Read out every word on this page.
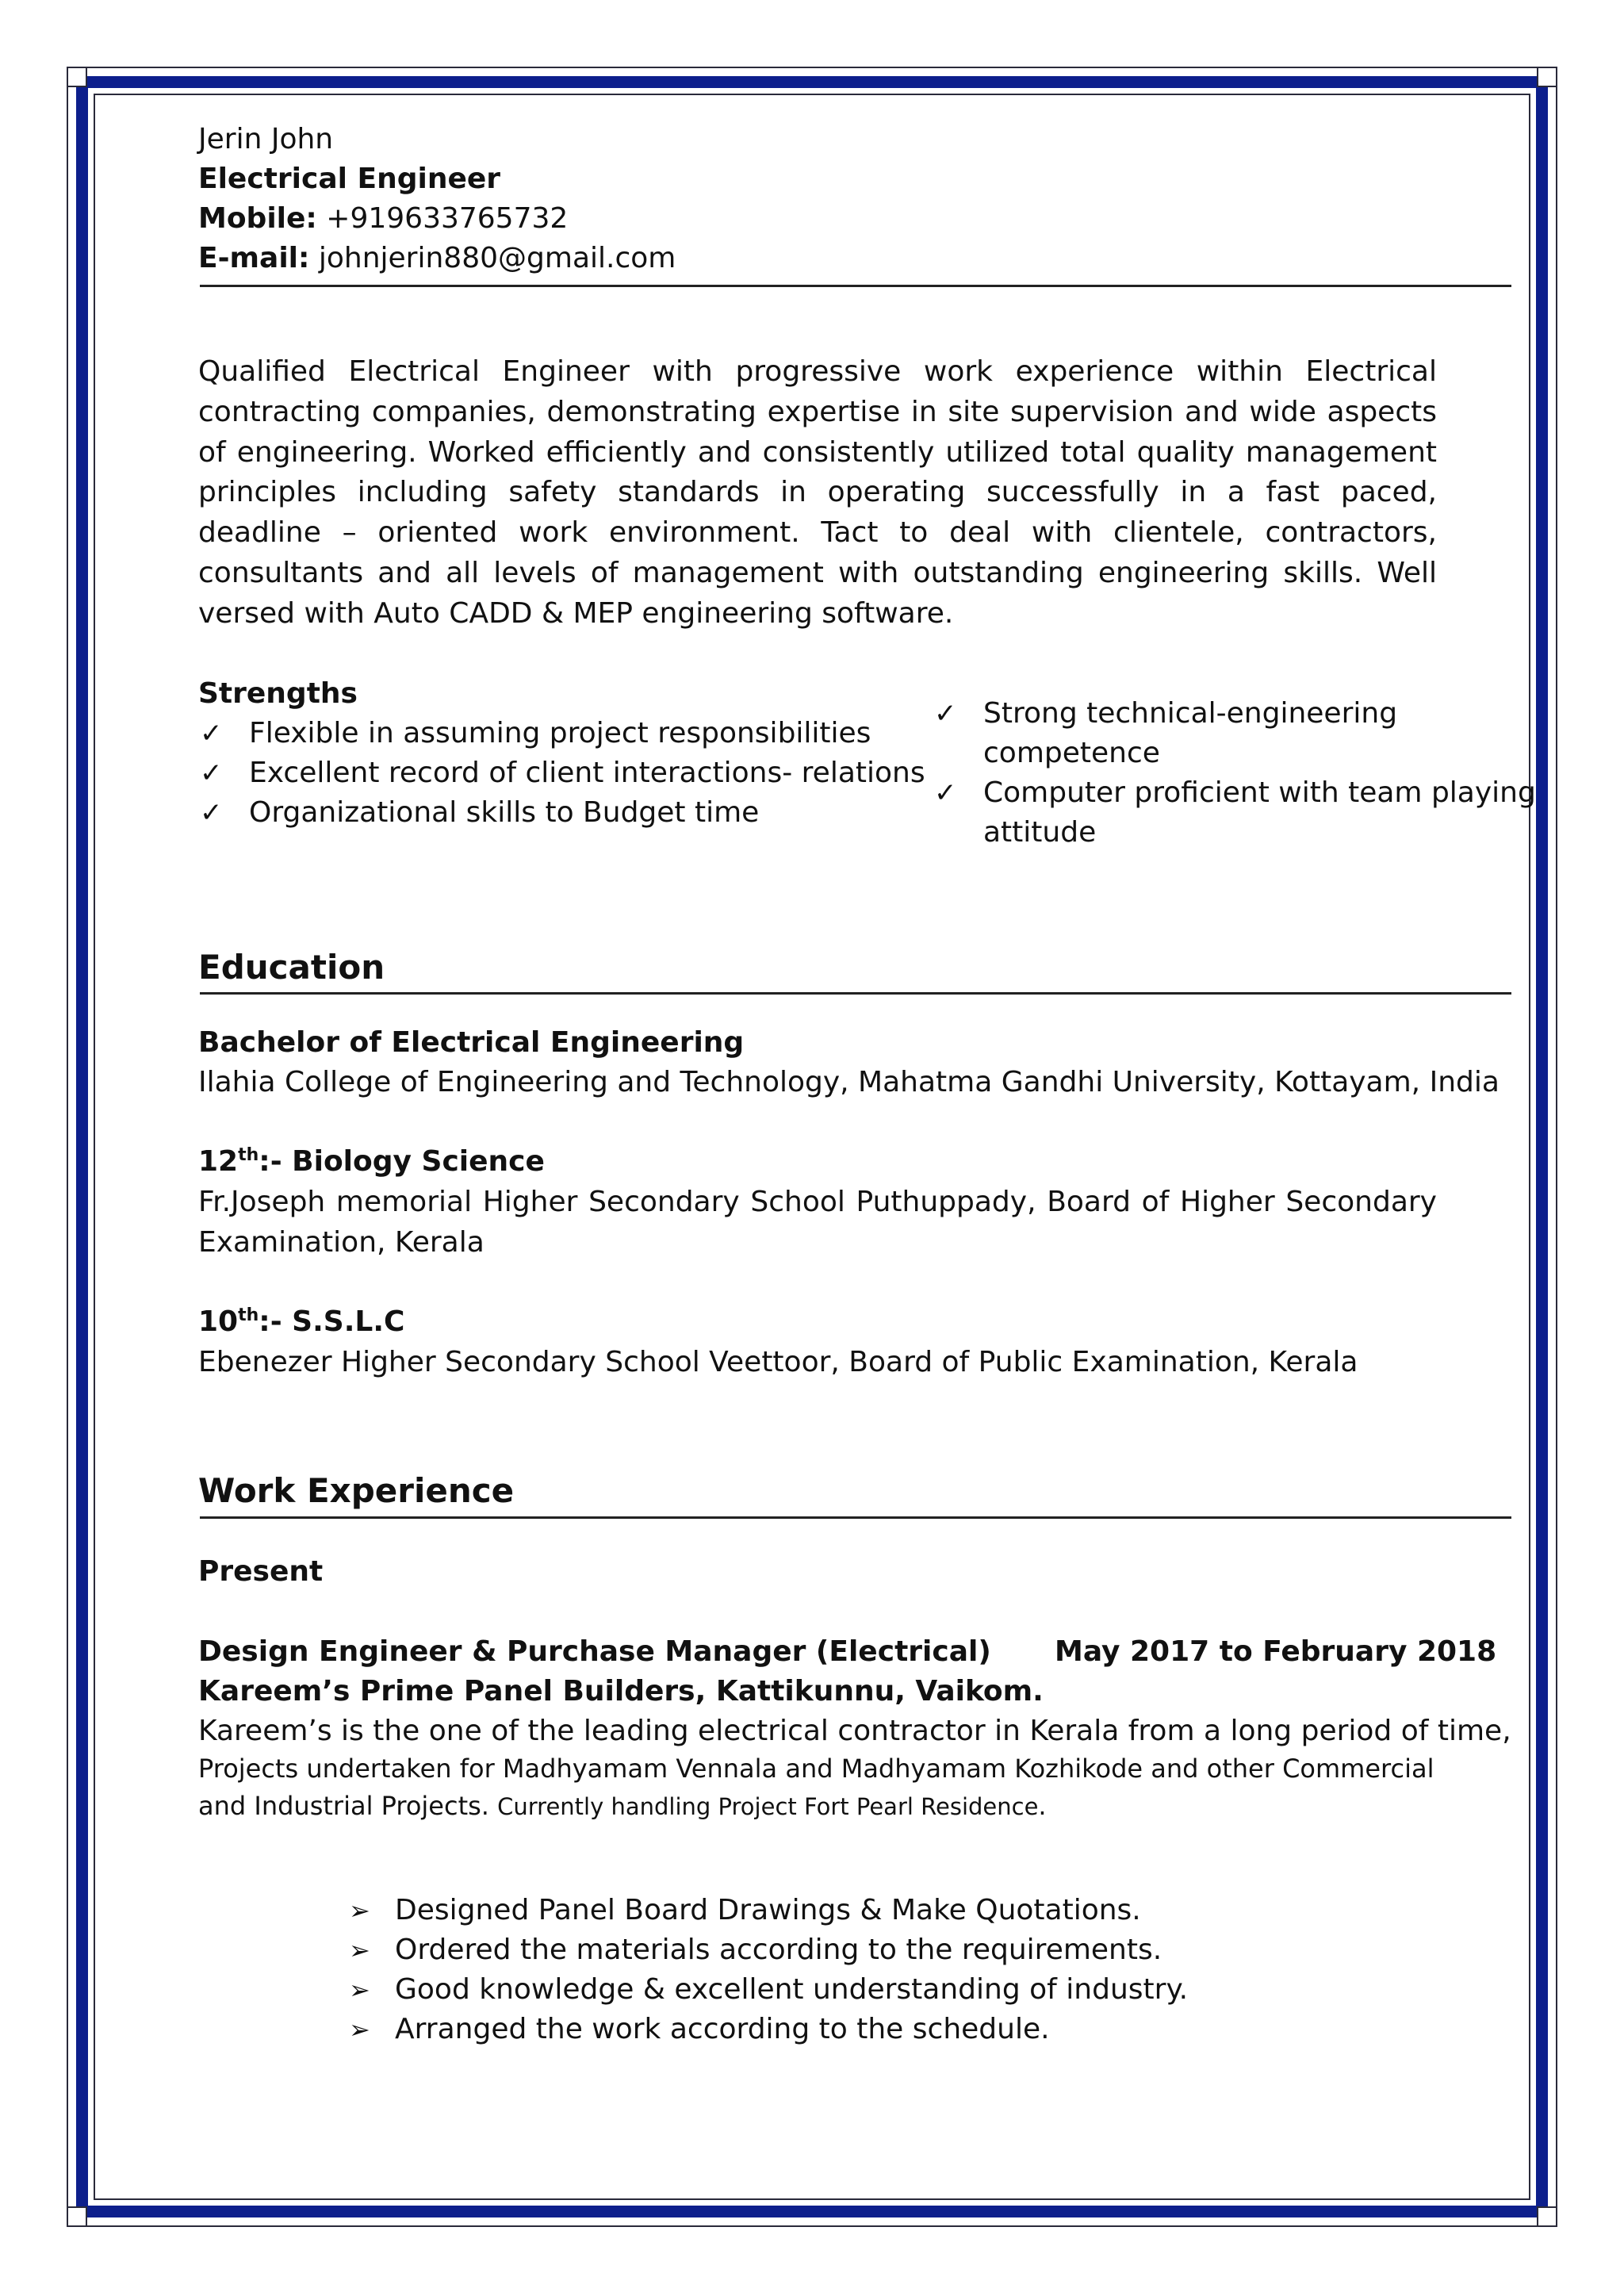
Jerin John
Electrical Engineer
Mobile: +919633765732
E-mail: johnjerin880@gmail.com
Qualified Electrical Engineer with progressive work experience within Electrical contracting companies, demonstrating expertise in site supervision and wide aspects of engineering. Worked efficiently and consistently utilized total quality management principles including safety standards in operating successfully in a fast paced, deadline – oriented work environment. Tact to deal with clientele, contractors, consultants and all levels of management with outstanding engineering skills. Well versed with Auto CADD & MEP engineering software.
Strengths
✓ Flexible in assuming project responsibilities
✓ Excellent record of client interactions- relations
✓ Organizational skills to Budget time
✓ Strong technical-engineering
competence
✓ Computer proficient with team playing
attitude
Education
Bachelor of Electrical Engineering
Ilahia College of Engineering and Technology, Mahatma Gandhi University, Kottayam, India
12th:- Biology Science
Fr.Joseph memorial Higher Secondary School Puthuppady, Board of Higher Secondary Examination, Kerala
10th:- S.S.L.C
Ebenezer Higher Secondary School Veettoor, Board of Public Examination, Kerala
Work Experience
Present
Design Engineer & Purchase Manager (Electrical) May 2017 to February 2018
Kareem’s Prime Panel Builders, Kattikunnu, Vaikom.
Kareem’s is the one of the leading electrical contractor in Kerala from a long period of time,
Projects undertaken for Madhyamam Vennala and Madhyamam Kozhikode and other Commercial
and Industrial Projects. Currently handling Project Fort Pearl Residence.
➢ Designed Panel Board Drawings & Make Quotations.
➢ Ordered the materials according to the requirements.
➢ Good knowledge & excellent understanding of industry.
➢ Arranged the work according to the schedule.
